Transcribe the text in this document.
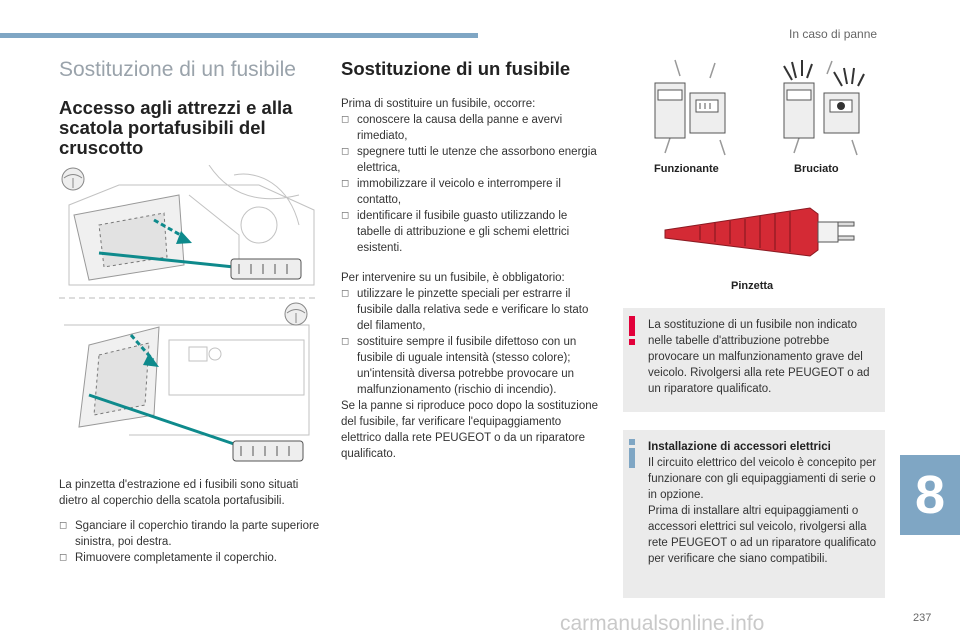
In caso di panne
Sostituzione di un fusibile
Accesso agli attrezzi e alla scatola portafusibili del cruscotto
La pinzetta d'estrazione ed i fusibili sono situati dietro al coperchio della scatola portafusibili.
◻ Sganciare il coperchio tirando la parte superiore sinistra, poi destra.
◻ Rimuovere completamente il coperchio.
Sostituzione di un fusibile
Prima di sostituire un fusibile, occorre:
◻ conoscere la causa della panne e avervi rimediato,
◻ spegnere tutti le utenze che assorbono energia elettrica,
◻ immobilizzare il veicolo e interrompere il contatto,
◻ identificare il fusibile guasto utilizzando le tabelle di attribuzione e gli schemi elettrici esistenti.
Per intervenire su un fusibile, è obbligatorio:
◻ utilizzare le pinzette speciali per estrarre il fusibile dalla relativa sede e verificare lo stato del filamento,
◻ sostituire sempre il fusibile difettoso con un fusibile di uguale intensità (stesso colore); un'intensità diversa potrebbe provocare un malfunzionamento (rischio di incendio).
Se la panne si riproduce poco dopo la sostituzione del fusibile, far verificare l'equipaggiamento elettrico dalla rete PEUGEOT o da un riparatore qualificato.
Funzionante	Bruciato
Pinzetta
La sostituzione di un fusibile non indicato nelle tabelle d'attribuzione potrebbe provocare un malfunzionamento grave del veicolo. Rivolgersi alla rete PEUGEOT o ad un riparatore qualificato.
Installazione di accessori elettrici
Il circuito elettrico del veicolo è concepito per funzionare con gli equipaggiamenti di serie o in opzione.
Prima di installare altri equipaggiamenti o accessori elettrici sul veicolo, rivolgersi alla rete PEUGEOT o ad un riparatore qualificato per verificare che siano compatibili.
8
carmanualsonline.info	237
